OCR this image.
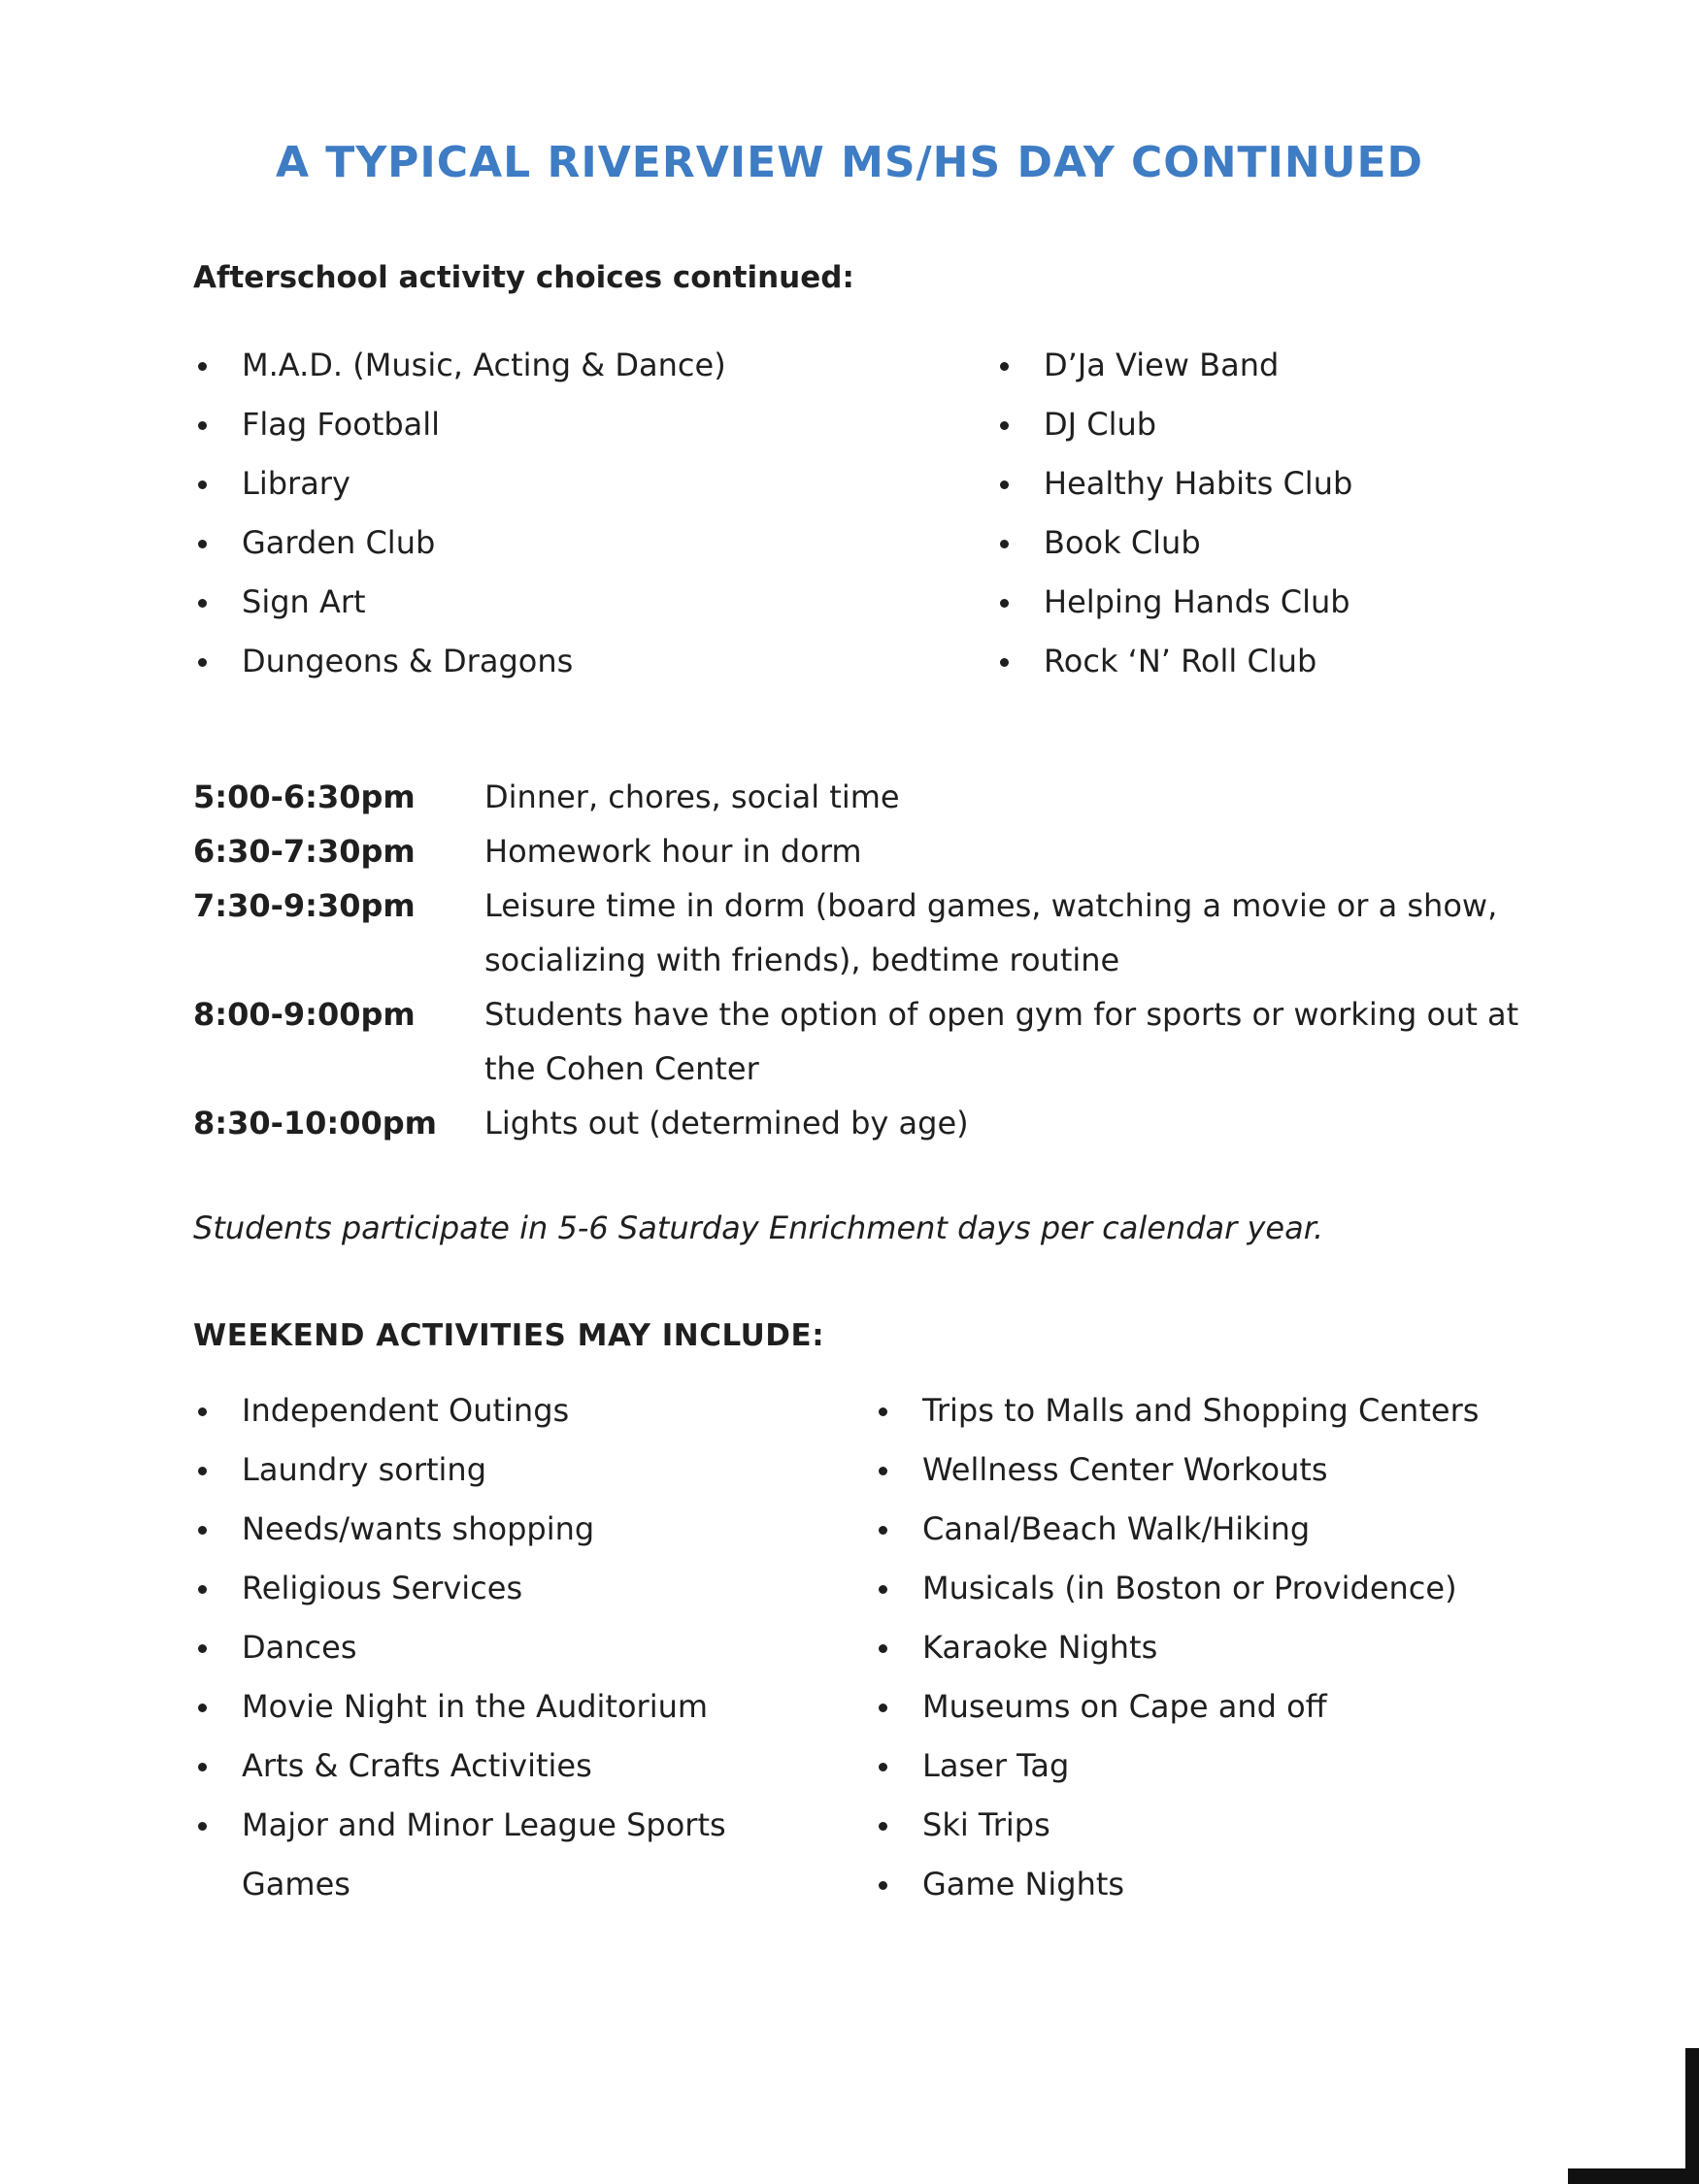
A TYPICAL RIVERVIEW MS/HS DAY CONTINUED
Afterschool activity choices continued:
M.A.D. (Music, Acting & Dance)
Flag Football
Library
Garden Club
Sign Art
Dungeons & Dragons
D’Ja View Band
DJ Club
Healthy Habits Club
Book Club
Helping Hands Club
Rock ‘N’ Roll Club
5:00-6:30pm	Dinner, chores, social time
6:30-7:30pm	Homework hour in dorm
7:30-9:30pm	Leisure time in dorm (board games, watching a movie or a show,
socializing with friends), bedtime routine
8:00-9:00pm	Students have the option of open gym for sports or working out at
the Cohen Center
8:30-10:00pm	Lights out (determined by age)
Students participate in 5-6 Saturday Enrichment days per calendar year.
WEEKEND ACTIVITIES MAY INCLUDE:
Independent Outings
Laundry sorting
Needs/wants shopping
Religious Services
Dances
Movie Night in the Auditorium
Arts & Crafts Activities
Major and Minor League Sports
Games
Trips to Malls and Shopping Centers
Wellness Center Workouts
Canal/Beach Walk/Hiking
Musicals (in Boston or Providence)
Karaoke Nights
Museums on Cape and off
Laser Tag
Ski Trips
Game Nights
